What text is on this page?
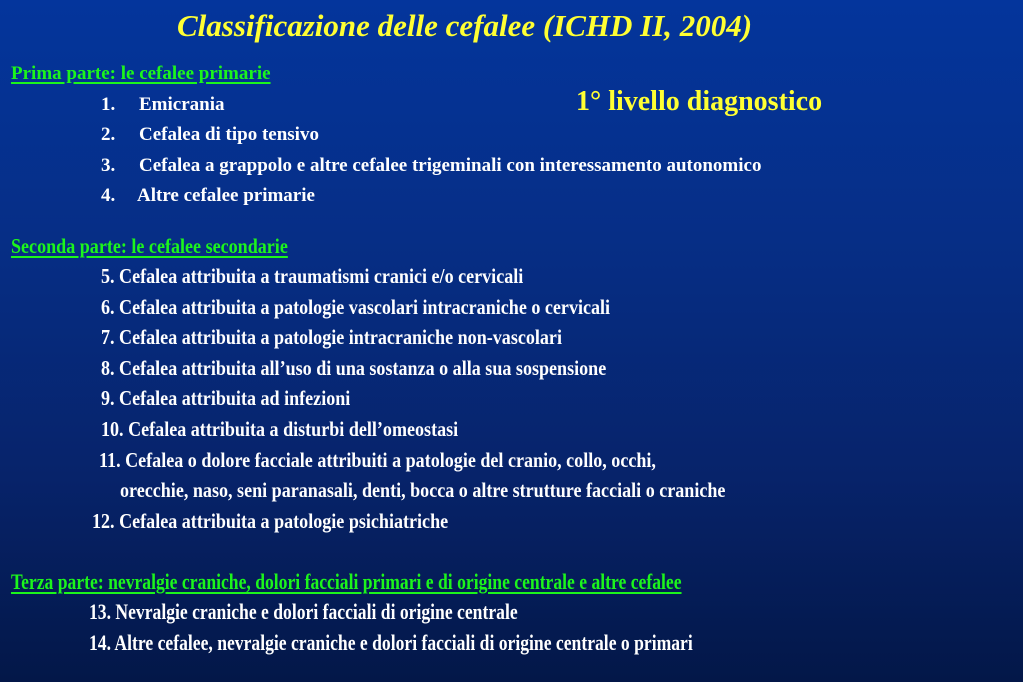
Classificazione delle cefalee (ICHD II, 2004)
1° livello diagnostico
Prima parte: le cefalee primarie
1. Emicrania
2. Cefalea di tipo tensivo
3. Cefalea a grappolo e altre cefalee trigeminali con interessamento autonomico
4. Altre cefalee primarie
Seconda parte: le cefalee secondarie
5. Cefalea attribuita a traumatismi cranici e/o cervicali
6. Cefalea attribuita a patologie vascolari intracraniche o cervicali
7. Cefalea attribuita a patologie intracraniche non-vascolari
8. Cefalea attribuita all’uso di una sostanza o alla sua sospensione
9. Cefalea attribuita ad infezioni
10. Cefalea attribuita a disturbi dell’omeostasi
11. Cefalea o dolore facciale attribuiti a patologie del cranio, collo, occhi,
orecchie, naso, seni paranasali, denti, bocca o altre strutture facciali o craniche
12. Cefalea attribuita a patologie psichiatriche
Terza parte: nevralgie craniche, dolori facciali primari e di origine centrale e altre cefalee
13. Nevralgie craniche e dolori facciali di origine centrale
14. Altre cefalee, nevralgie craniche e dolori facciali di origine centrale o primari
